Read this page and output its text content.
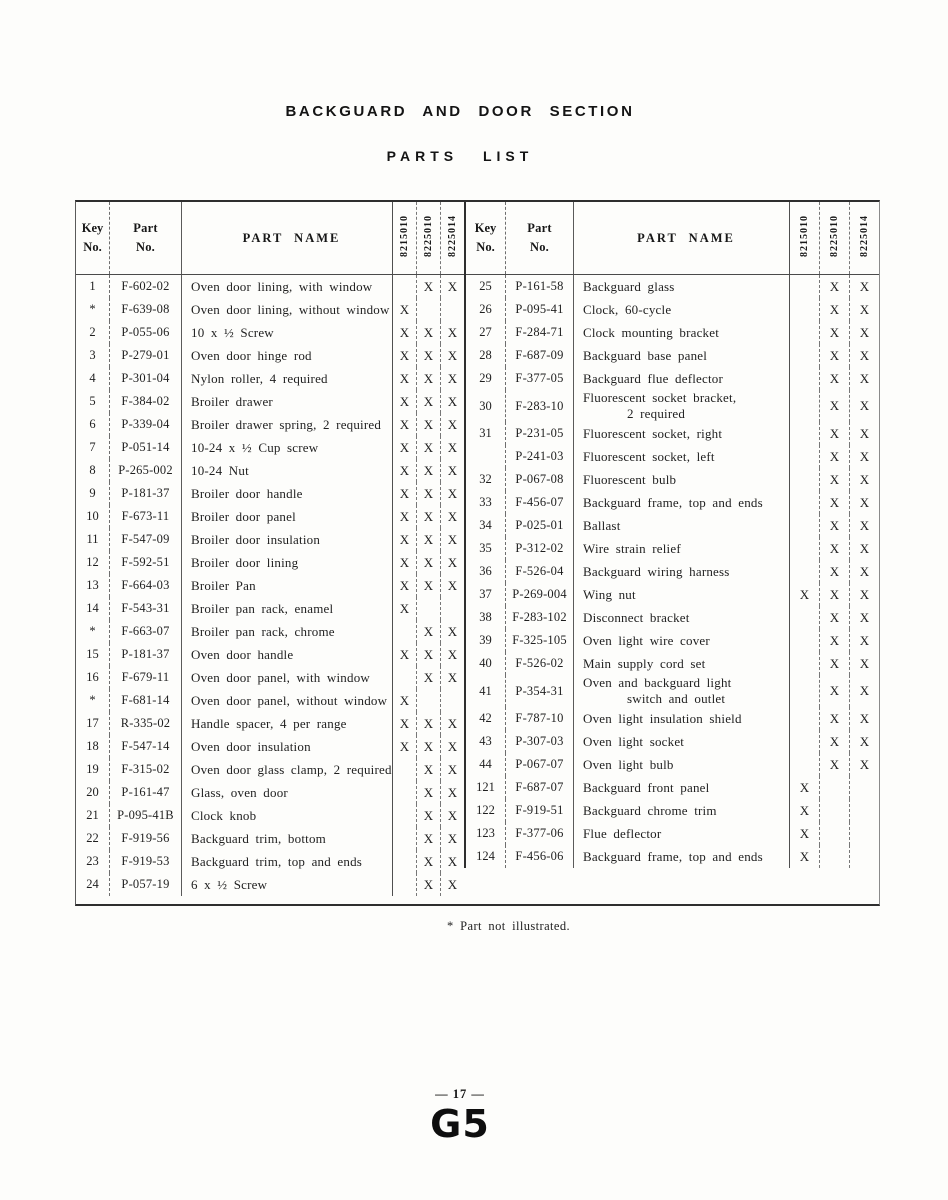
BACKGUARD AND DOOR SECTION
PARTS LIST
Key
No.

Part
No.
	PART NAME	8215010	8225010	8225014
1	F-602-02	Oven door lining, with window		X	X
*	F-639-08	Oven door lining, without window	X		
2	P-055-06	10 x ½ Screw	X	X	X
3	P-279-01	Oven door hinge rod	X	X	X
4	P-301-04	Nylon roller, 4 required	X	X	X
5	F-384-02	Broiler drawer	X	X	X
6	P-339-04	Broiler drawer spring, 2 required	X	X	X
7	P-051-14	10-24 x ½ Cup screw	X	X	X
8	P-265-002	10-24 Nut	X	X	X
9	P-181-37	Broiler door handle	X	X	X
10	F-673-11	Broiler door panel	X	X	X
11	F-547-09	Broiler door insulation	X	X	X
12	F-592-51	Broiler door lining	X	X	X
13	F-664-03	Broiler Pan	X	X	X
14	F-543-31	Broiler pan rack, enamel	X		
*	F-663-07	Broiler pan rack, chrome		X	X
15	P-181-37	Oven door handle	X	X	X
16	F-679-11	Oven door panel, with window		X	X
*	F-681-14	Oven door panel, without window	X		
17	R-335-02	Handle spacer, 4 per range	X	X	X
18	F-547-14	Oven door insulation	X	X	X
19	F-315-02	Oven door glass clamp, 2 required		X	X
20	P-161-47	Glass, oven door		X	X
21	P-095-41B	Clock knob		X	X
22	F-919-56	Backguard trim, bottom		X	X
23	F-919-53	Backguard trim, top and ends		X	X
24	P-057-19	6 x ½ Screw		X	X
Key
No.

Part
No.
	PART NAME	8215010	8225010	8225014
25	P-161-58	Backguard glass		X	X
26	P-095-41	Clock, 60-cycle		X	X
27	F-284-71	Clock mounting bracket		X	X
28	F-687-09	Backguard base panel		X	X
29	F-377-05	Backguard flue deflector		X	X
30	F-283-10	Fluorescent socket bracket,
2 required		X	X
31	P-231-05	Fluorescent socket, right		X	X
	P-241-03	Fluorescent socket, left		X	X
32	P-067-08	Fluorescent bulb		X	X
33	F-456-07	Backguard frame, top and ends		X	X
34	P-025-01	Ballast		X	X
35	P-312-02	Wire strain relief		X	X
36	F-526-04	Backguard wiring harness		X	X
37	P-269-004	Wing nut	X	X	X
38	F-283-102	Disconnect bracket		X	X
39	F-325-105	Oven light wire cover		X	X
40	F-526-02	Main supply cord set		X	X
41	P-354-31	Oven and backguard light
switch and outlet		X	X
42	F-787-10	Oven light insulation shield		X	X
43	P-307-03	Oven light socket		X	X
44	P-067-07	Oven light bulb		X	X
121	F-687-07	Backguard front panel	X		
122	F-919-51	Backguard chrome trim	X		
123	F-377-06	Flue deflector	X		
124	F-456-06	Backguard frame, top and ends	X		
* Part not illustrated.
— 17 —
G5
